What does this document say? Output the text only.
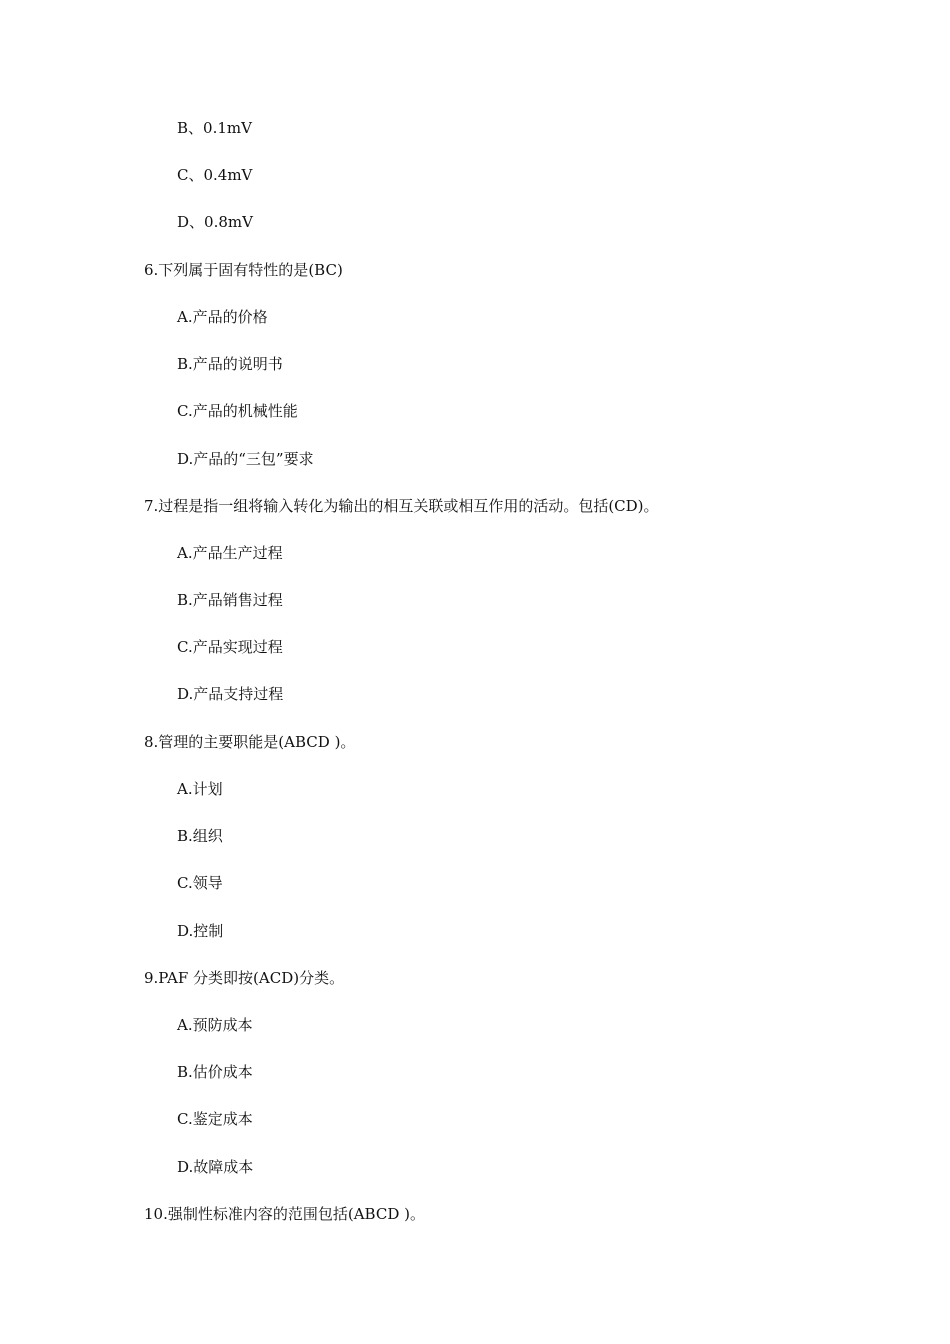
B、0.1mV
C、0.4mV
D、0.8mV
6.下列属于固有特性的是(BC)
A.产品的价格
B.产品的说明书
C.产品的机械性能
D.产品的“三包”要求
7.过程是指一组将输入转化为输出的相互关联或相互作用的活动。包括(CD)。
A.产品生产过程
B.产品销售过程
C.产品实现过程
D.产品支持过程
8.管理的主要职能是(ABCD )。
A.计划
B.组织
C.领导
D.控制
9.PAF 分类即按(ACD)分类。
A.预防成本
B.估价成本
C.鉴定成本
D.故障成本
10.强制性标准内容的范围包括(ABCD )。
